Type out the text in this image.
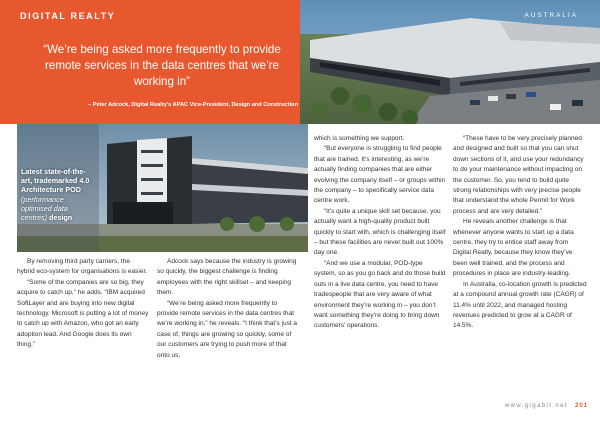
DIGITAL REALTY
“We’re being asked more frequently to provide remote services in the data centres that we’re working in”
– Peter Adcock, Digital Realty’s APAC Vice-President, Design and Construction
AUSTRALIA
Latest state-of-the-art, trademarked 4.0 Architecture POD (performance optimised data centres) design

By removing third party carriers, the hybrid eco-system for organisations is easier.

“Some of the companies are so big, they acquire to catch up,” he adds. “IBM acquired SoftLayer and are buying into new digital technology. Microsoft is putting a lot of money to catch up with Amazon, who got an early adoption lead. And Google does its own thing.”

Adcock says because the industry is growing so quickly, the biggest challenge is finding employees with the right skillset – and keeping them.

“We’re being asked more frequently to provide remote services in the data centres that we’re working in,” he reveals. “I think that’s just a case of, things are growing so quickly, some of our customers are trying to push more of that onto us,

which is something we support.

“But everyone is struggling to find people that are trained. It’s interesting, as we’re actually finding companies that are either evolving the company itself – or groups within the company – to specifically service data centre work.

“It’s quite a unique skill set because, you actually want a high-quality product built quickly to start with, which is challenging itself – but these facilities are never built out 100% day one.

“And we use a modular, POD-type system, so as you go back and do those build outs in a live data centre, you need to have tradespeople that are very aware of what environment they’re working in – you don’t want something they’re doing to bring down customers’ operations.

“These have to be very precisely planned and designed and built so that you can shut down sections of it, and use your redundancy to do your maintenance without impacting on the customer. So, you tend to build quite strong relationships with very precise people that understand the whole Permit for Work process and are very detailed.”

He reveals another challenge is that whenever anyone wants to start up a data centre, they try to entice staff away from Digital Realty, because they know they’ve been well trained, and the process and procedures in place are industry-leading.

In Australia, co-location growth is predicted at a compound annual growth rate (CAGR) of 11.4% until 2022, and managed hosting revenues predicted to grow at a CAGR of 14.5%.

www.gigabit.net 201
